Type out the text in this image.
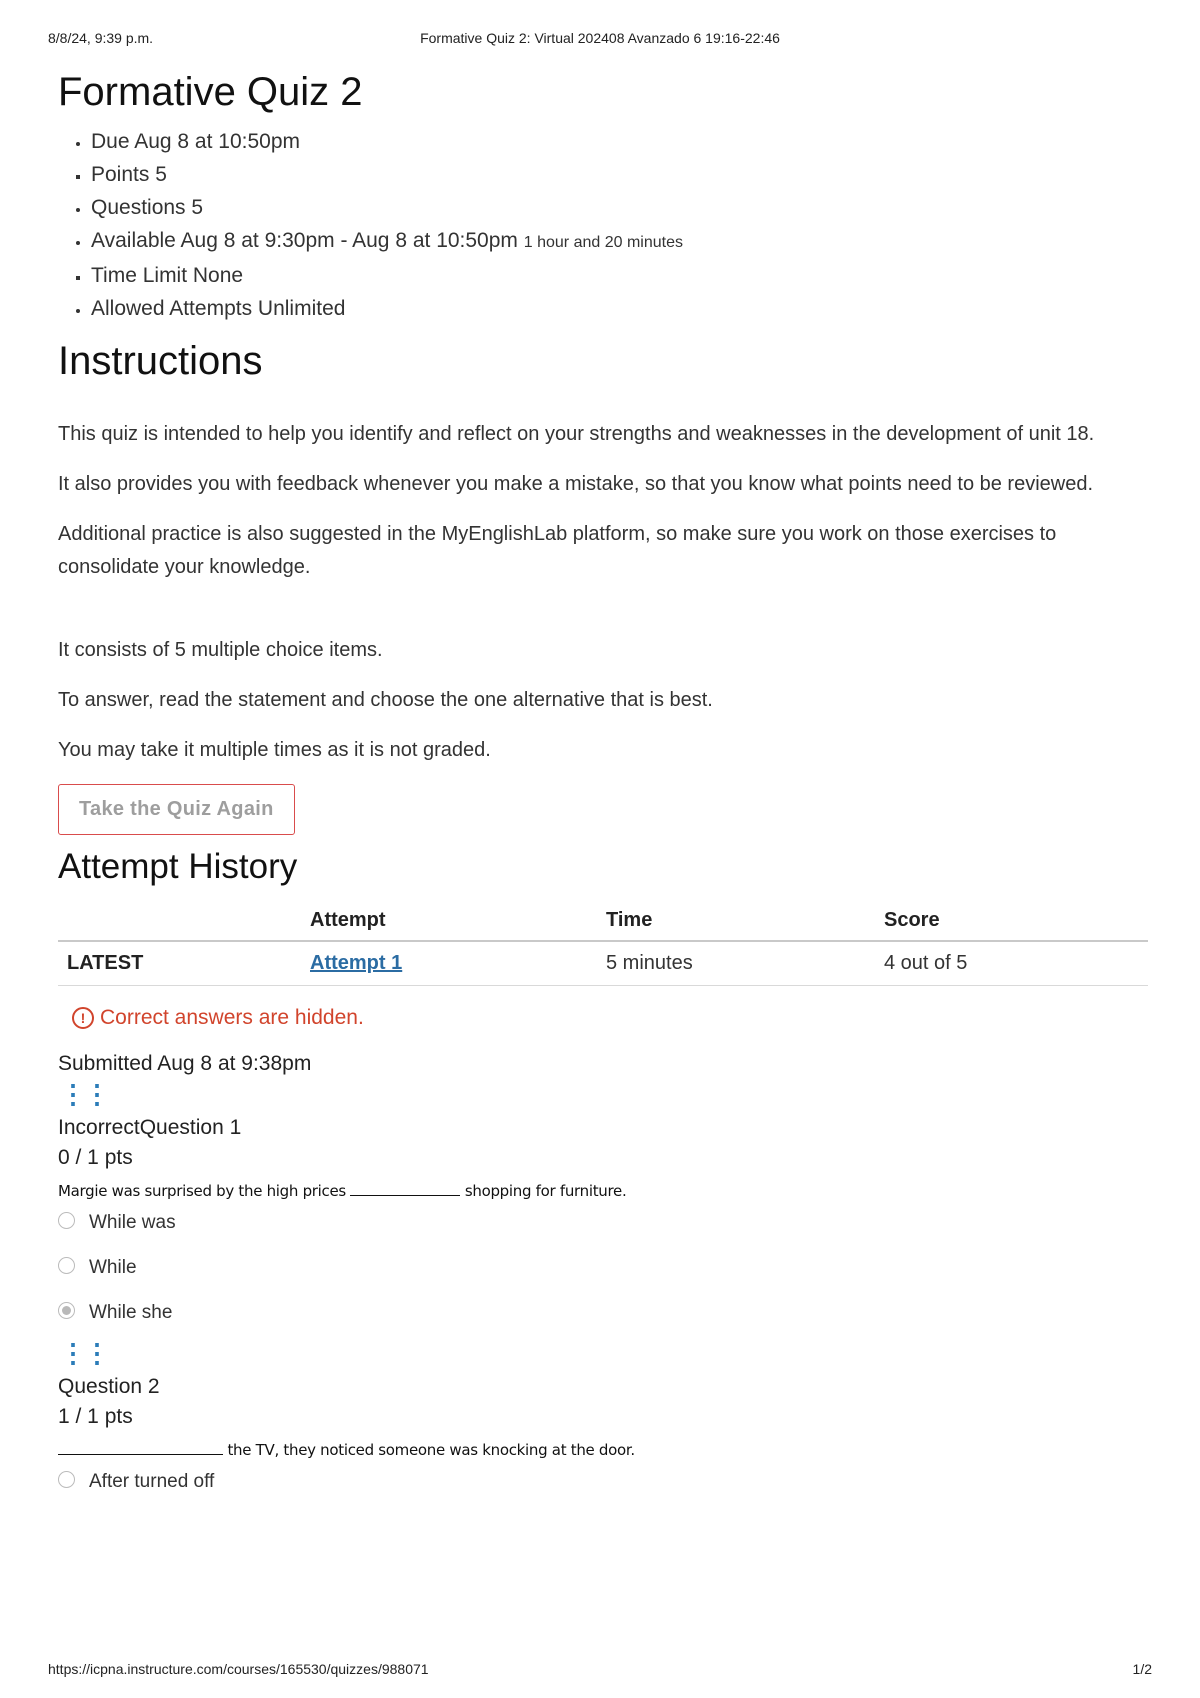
8/8/24, 9:39 p.m.	Formative Quiz 2: Virtual 202408 Avanzado 6 19:16-22:46
Formative Quiz 2
• Due Aug 8 at 10:50pm
▪ Points 5
• Questions 5
• Available Aug 8 at 9:30pm - Aug 8 at 10:50pm 1 hour and 20 minutes
▪ Time Limit None
• Allowed Attempts Unlimited
Instructions

This quiz is intended to help you identify and reflect on your strengths and weaknesses in the development of unit 18.

It also provides you with feedback whenever you make a mistake, so that you know what points need to be reviewed.

Additional practice is also suggested in the MyEnglishLab platform, so make sure you work on those exercises to consolidate your knowledge.

It consists of 5 multiple choice items.

To answer, read the statement and choose the one alternative that is best.

You may take it multiple times as it is not graded.

Take the Quiz Again
Attempt History
	Attempt	Time	Score
LATEST	Attempt 1	5 minutes	4 out of 5
! Correct answers are hidden.
Submitted Aug 8 at 9:38pm
⋮⋮
IncorrectQuestion 1
0 / 1 pts
Margie was surprised by the high prices	shopping for furniture.
While was
While
While she
⋮⋮
Question 2
1 / 1 pts
the TV, they noticed someone was knocking at the door.
After turned off
https://icpna.instructure.com/courses/165530/quizzes/988071	1/2
